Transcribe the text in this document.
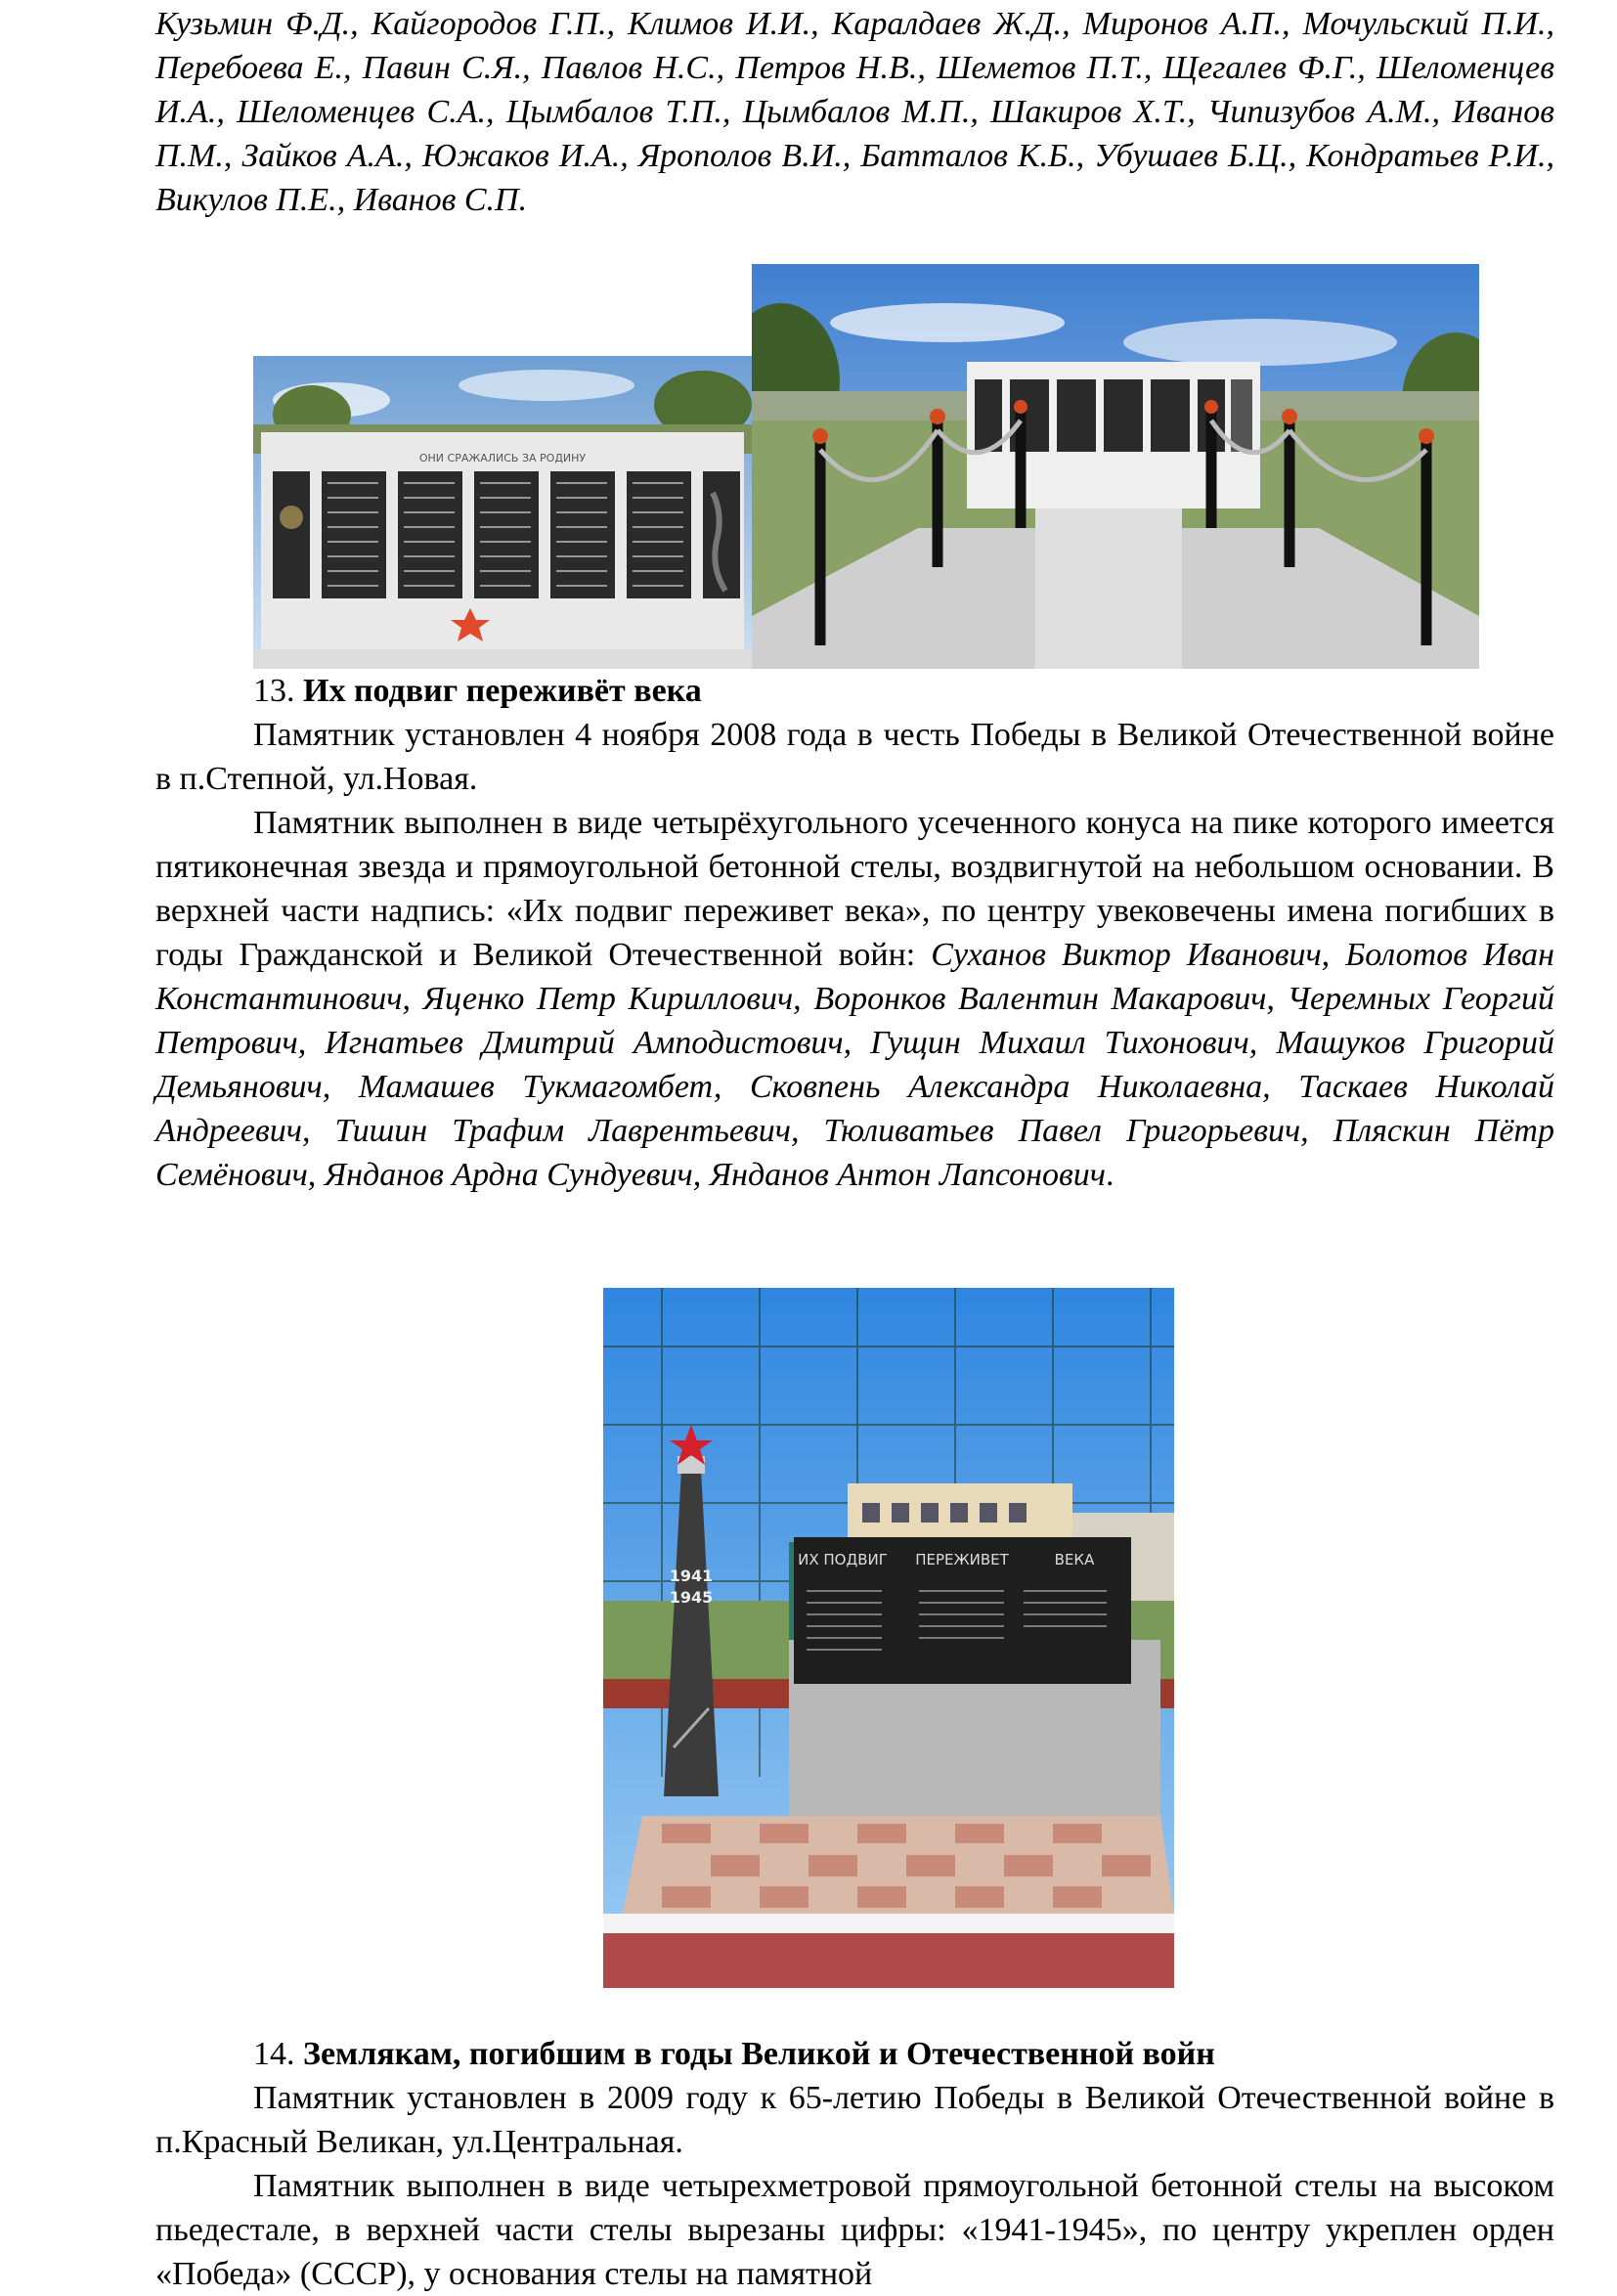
Кузьмин Ф.Д., Кайгородов Г.П., Климов И.И., Каралдаев Ж.Д., Миронов А.П., Мочульский П.И., Перебоева Е., Павин С.Я., Павлов Н.С., Петров Н.В., Шеметов П.Т., Щегалев Ф.Г., Шеломенцев И.А., Шеломенцев С.А., Цымбалов Т.П., Цымбалов М.П., Шакиров Х.Т., Чипизубов А.М., Иванов П.М., Зайков А.А., Южаков И.А., Ярополов В.И., Батталов К.Б., Убушаев Б.Ц., Кондратьев Р.И., Викулов П.Е., Иванов С.П.

ОНИ СРАЖАЛИСЬ ЗА РОДИНУ

13. Их подвиг переживёт века

Памятник установлен 4 ноября 2008 года в честь Победы в Великой Отечественной войне в п.Степной, ул.Новая.

Памятник выполнен в виде четырёхугольного усеченного конуса на пике которого имеется пятиконечная звезда и прямоугольной бетонной стелы, воздвигнутой на небольшом основании. В верхней части надпись: «Их подвиг переживет века», по центру увековечены имена погибших в годы Гражданской и Великой Отечественной войн: Суханов Виктор Иванович, Болотов Иван Константинович, Яценко Петр Кириллович, Воронков Валентин Макарович, Черемных Георгий Петрович, Игнатьев Дмитрий Амподистович, Гущин Михаил Тихонович, Машуков Григорий Демьянович, Мамашев Тукмагомбет, Сковпень Александра Николаевна, Таскаев Николай Андреевич, Тишин Трафим Лаврентьевич, Тюливатьев Павел Григорьевич, Пляскин Пётр Семёнович, Янданов Ардна Сундуевич, Янданов Антон Лапсонович.

1941
1945
ИХ ПОДВИГ ПЕРЕЖИВЕТ	ВЕКА

14. Землякам, погибшим в годы Великой и Отечественной войн

Памятник установлен в 2009 году к 65-летию Победы в Великой Отечественной войне в п.Красный Великан, ул.Центральная.

Памятник выполнен в виде четырехметровой прямоугольной бетонной стелы на высоком пьедестале, в верхней части стелы вырезаны цифры: «1941-1945», по центру укреплен орден «Победа» (СССР), у основания стелы на памятной
